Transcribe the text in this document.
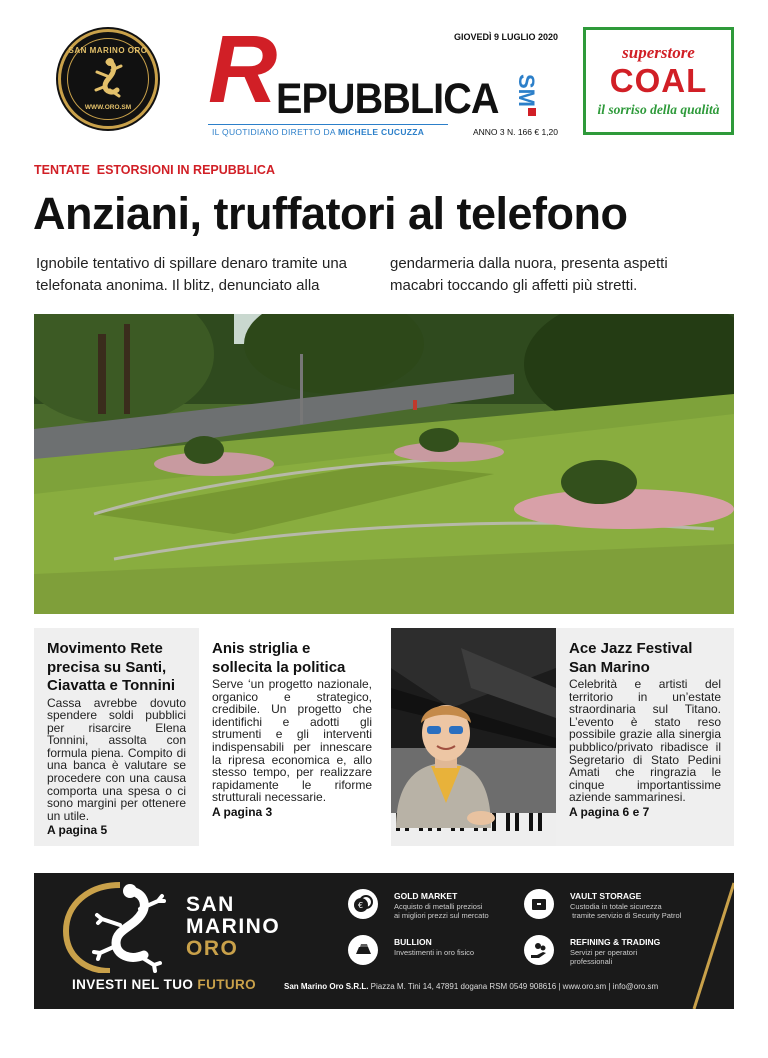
SAN MARINO ORO
WWW.ORO.SM R
★
EPUBBLICA SM
GIOVEDÌ 9 LUGLIO 2020
IL QUOTIDIANO DIRETTO DA MICHELE CUCUZZA	ANNO 3 N. 166 € 1,20
superstore
COAL
il sorriso della qualità
TENTATE  ESTORSIONI IN REPUBBLICA
Anziani, truffatori al telefono
Ignobile tentativo di spillare denaro tramite una telefonata anonima. Il blitz, denunciato alla
gendarmeria dalla nuora, presenta aspetti macabri toccando gli affetti più stretti.
Movimento Rete precisa su Santi, Ciavatta e Tonnini

Cassa avrebbe dovuto spendere soldi pubblici per risarcire Elena Tonnini, assolta con formula piena. Compito di una banca è valutare se procedere con una causa comporta una spesa o ci sono margini per ottenere un utile.

A pagina 5
Anis striglia e sollecita la politica

Serve ‘un progetto nazionale, organico e strategico, credibile. Un progetto che identifichi e adotti gli strumenti e gli interventi indispensabili per innescare la ripresa economica e, allo stesso tempo, per realizzare rapidamente le riforme strutturali necessarie.

A pagina 3
Ace Jazz Festival San Marino

Celebrità e artisti del territorio in un’estate straordinaria sul Titano. L’evento è stato reso possibile grazie alla sinergia pubblico/privato ribadisce il Segretario di Stato Pedini Amati che ringrazia le cinque importantissime aziende sammarinesi.

A pagina 6 e 7
SAN
MARINO
ORO
INVESTI NEL TUO FUTURO
€
GOLD MARKET
Acquisto di metalli preziosi
ai migliori prezzi sul mercato
VAULT STORAGE
Custodia in totale sicurezza
tramite servizio di Security Patrol
BULLION
Investimenti in oro fisico
REFINING & TRADING
Servizi per operatori
professionali
San Marino Oro S.R.L. Piazza M. Tini 14, 47891 dogana RSM 0549 908616 | www.oro.sm | info@oro.sm
